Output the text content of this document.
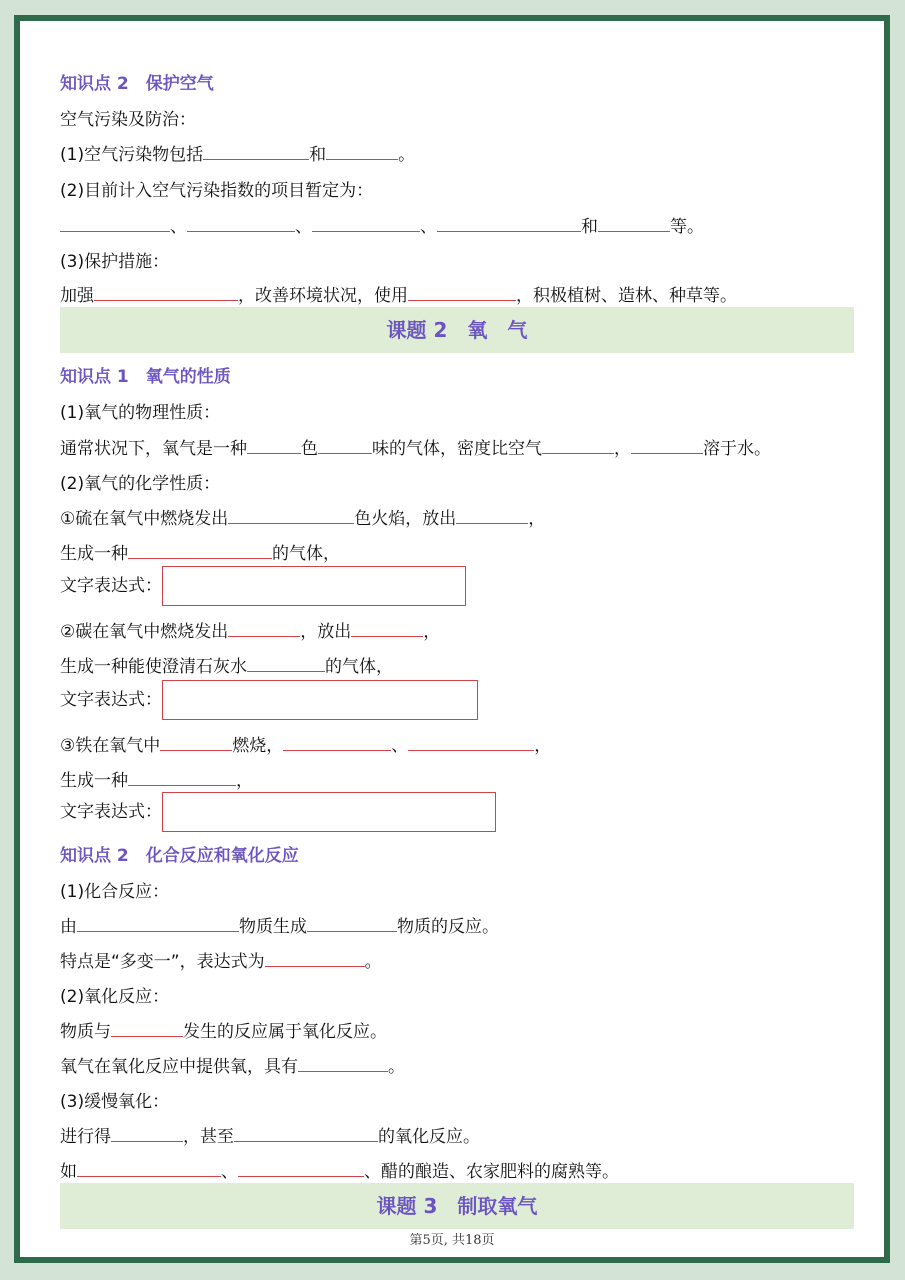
知识点 2　保护空气
空气污染及防治：
(1)空气污染物包括	和	。
(2)目前计入空气污染指数的项目暂定为：
、	、	、	和	等。
(3)保护措施：
加强	，改善环境状况，使用	，积极植树、造林、种草等。
课题 2　氧　气
知识点 1　氧气的性质
(1)氧气的物理性质：
通常状况下，氧气是一种	色	味的气体，密度比空气	，	溶于水。
(2)氧气的化学性质：
①硫在氧气中燃烧发出	色火焰，放出	，
生成一种	的气体，
文字表达式：
②碳在氧气中燃烧发出	，放出	，
生成一种能使澄清石灰水	的气体，
文字表达式：
③铁在氧气中	燃烧，	、	，
生成一种	，
文字表达式：
知识点 2　化合反应和氧化反应
(1)化合反应：
由	物质生成	物质的反应。
特点是“多变一”，表达式为	。
(2)氧化反应：
物质与	发生的反应属于氧化反应。
氧气在氧化反应中提供氧，具有	。
(3)缓慢氧化：
进行得	，甚至	的氧化反应。
如	、	、醋的酿造、农家肥料的腐熟等。
课题 3　制取氧气
第5页, 共18页
